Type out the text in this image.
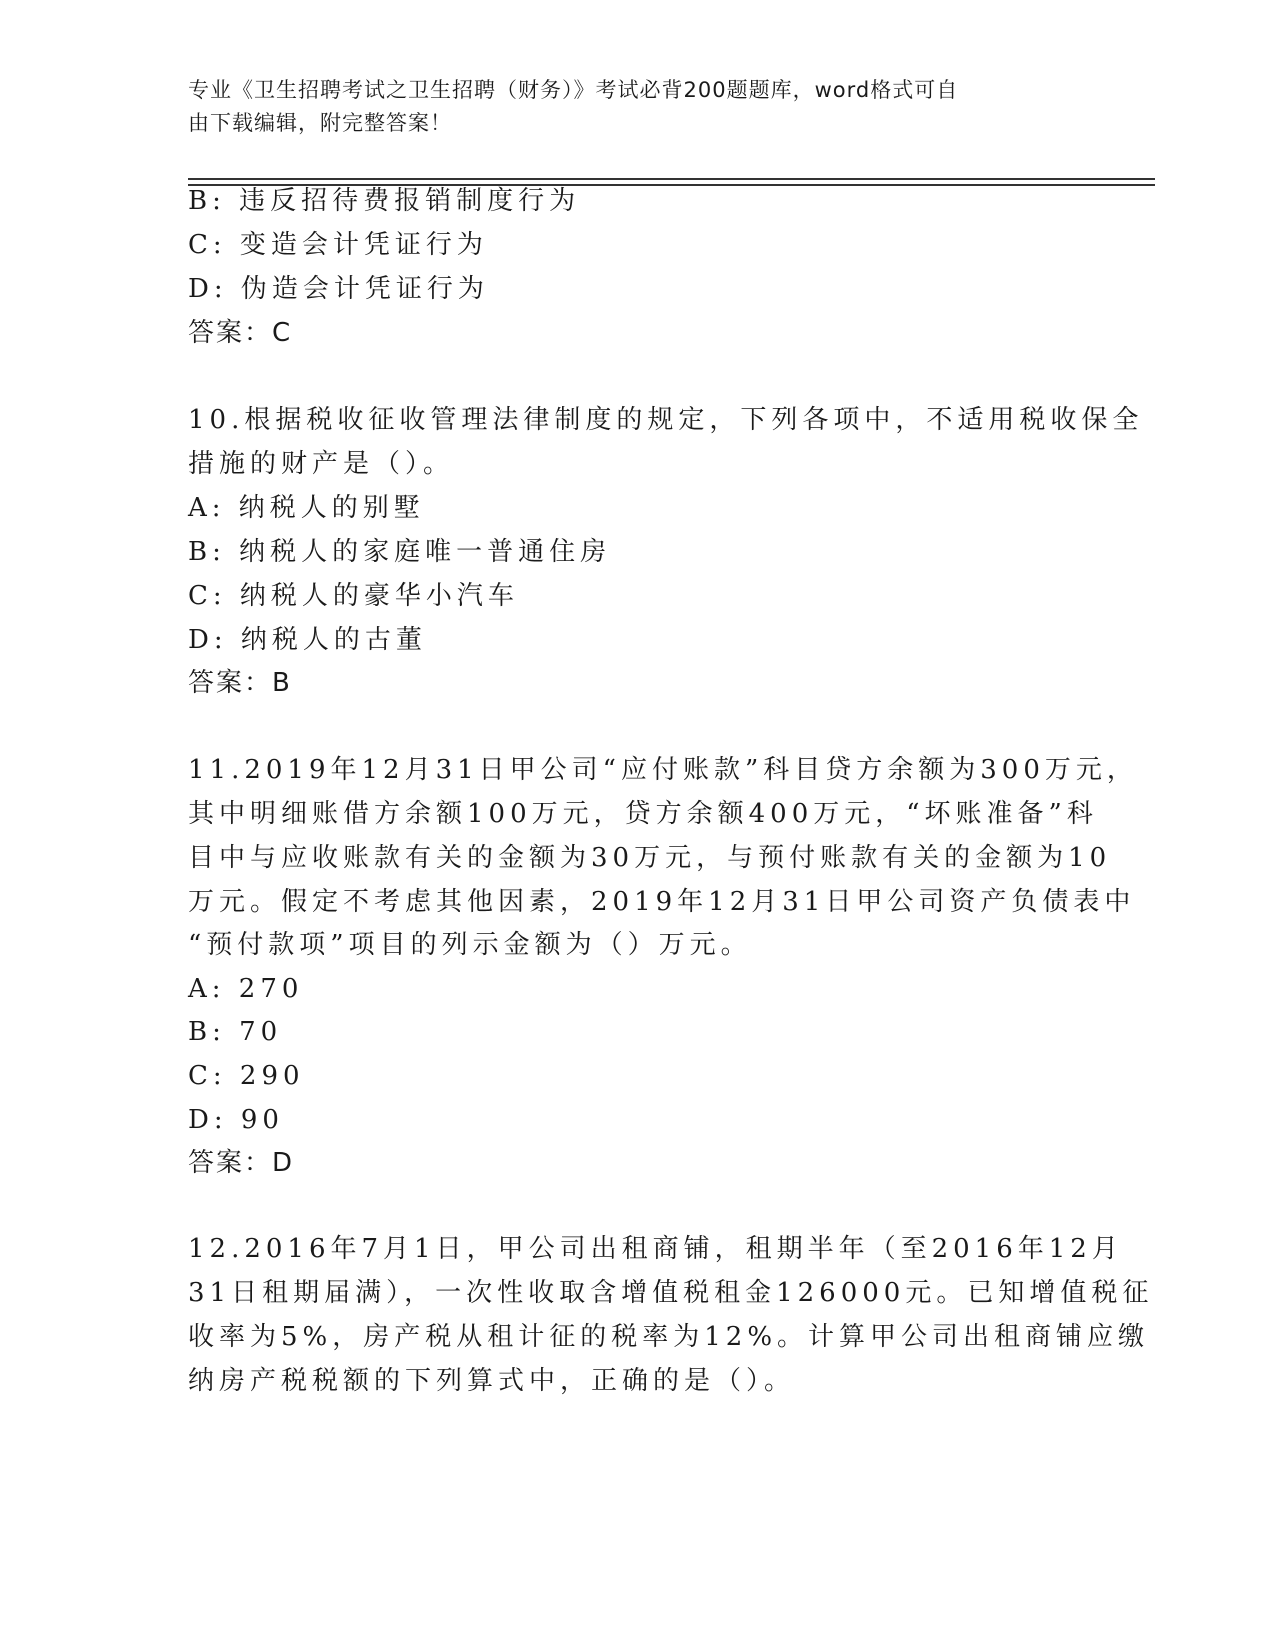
专业《卫生招聘考试之卫生招聘（财务）》考试必背200题题库，word格式可自
由下载编辑，附完整答案！
B: 违反招待费报销制度行为
C: 变造会计凭证行为
D: 伪造会计凭证行为
答案：C
10.根据税收征收管理法律制度的规定，下列各项中，不适用税收保全
措施的财产是（）。
A: 纳税人的别墅
B: 纳税人的家庭唯一普通住房
C: 纳税人的豪华小汽车
D: 纳税人的古董
答案：B
11.2019年12月31日甲公司“应付账款”科目贷方余额为300万元，
其中明细账借方余额100万元，贷方余额400万元，“坏账准备”科
目中与应收账款有关的金额为30万元，与预付账款有关的金额为10
万元。假定不考虑其他因素，2019年12月31日甲公司资产负债表中
“预付款项”项目的列示金额为（）万元。
A: 270
B: 70
C: 290
D: 90
答案：D
12.2016年7月1日，甲公司出租商铺，租期半年（至2016年12月
31日租期届满），一次性收取含增值税租金126000元。已知增值税征
收率为5%，房产税从租计征的税率为12%。计算甲公司出租商铺应缴
纳房产税税额的下列算式中，正确的是（）。
